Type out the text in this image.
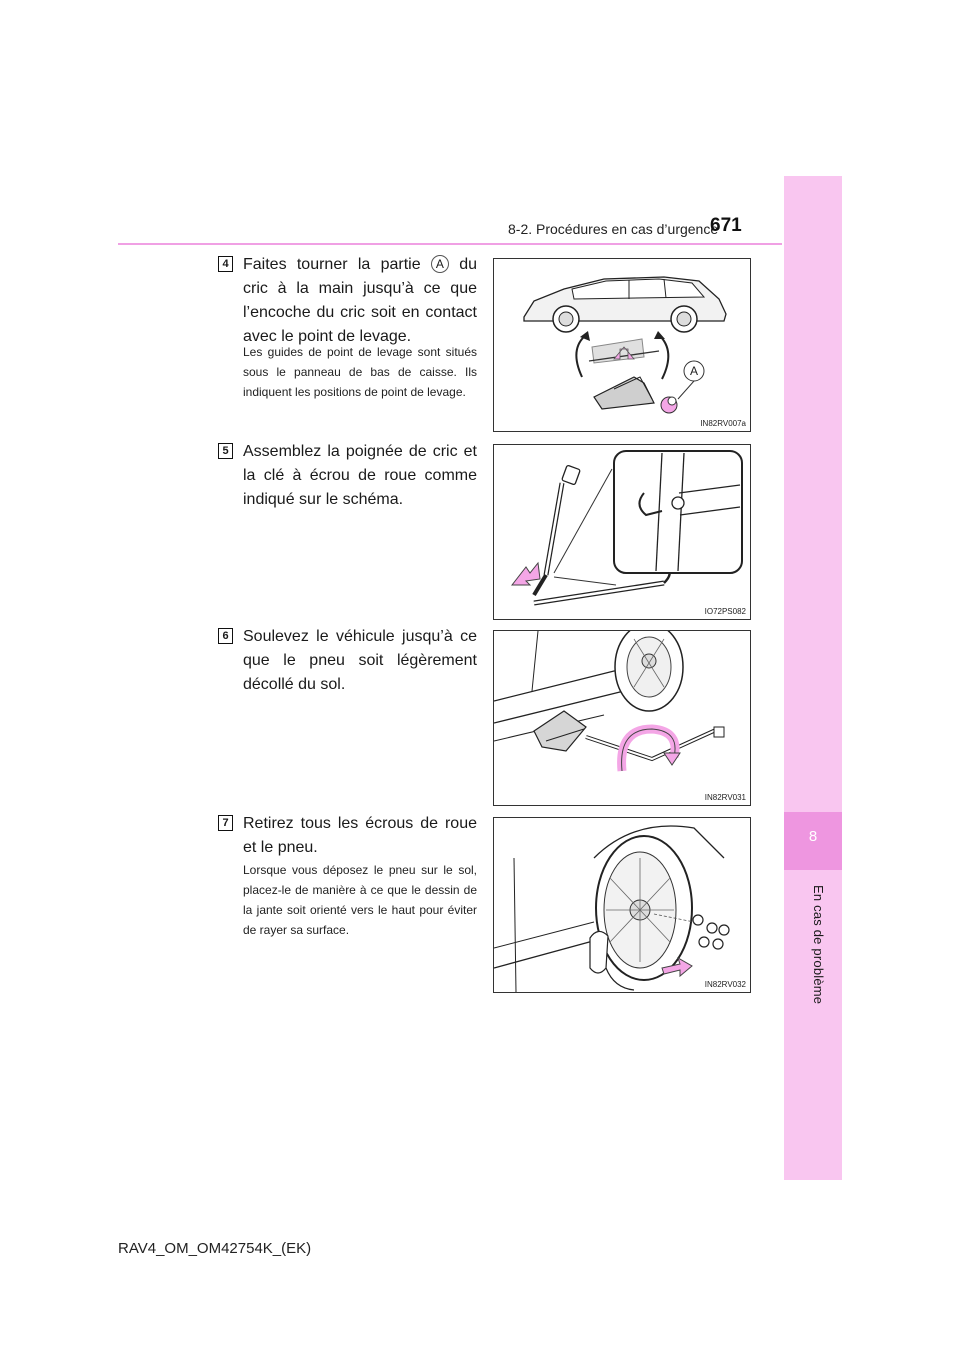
8-2. Procédures en cas d’urgence
671
8
En cas de problème
4 Faites tourner la partie A du cric à la main jusqu’à ce que l’encoche du cric soit en contact avec le point de levage.
Les guides de point de levage sont situés sous le panneau de bas de caisse. Ils indiquent les positions de point de levage.
A
IN82RV007a
5 Assemblez la poignée de cric et la clé à écrou de roue comme indiqué sur le schéma.
IO72PS082
6 Soulevez le véhicule jusqu’à ce que le pneu soit légèrement décollé du sol.
IN82RV031
7 Retirez tous les écrous de roue et le pneu.
Lorsque vous déposez le pneu sur le sol, placez-le de manière à ce que le dessin de la jante soit orienté vers le haut pour éviter de rayer sa surface.
IN82RV032
RAV4_OM_OM42754K_(EK)
